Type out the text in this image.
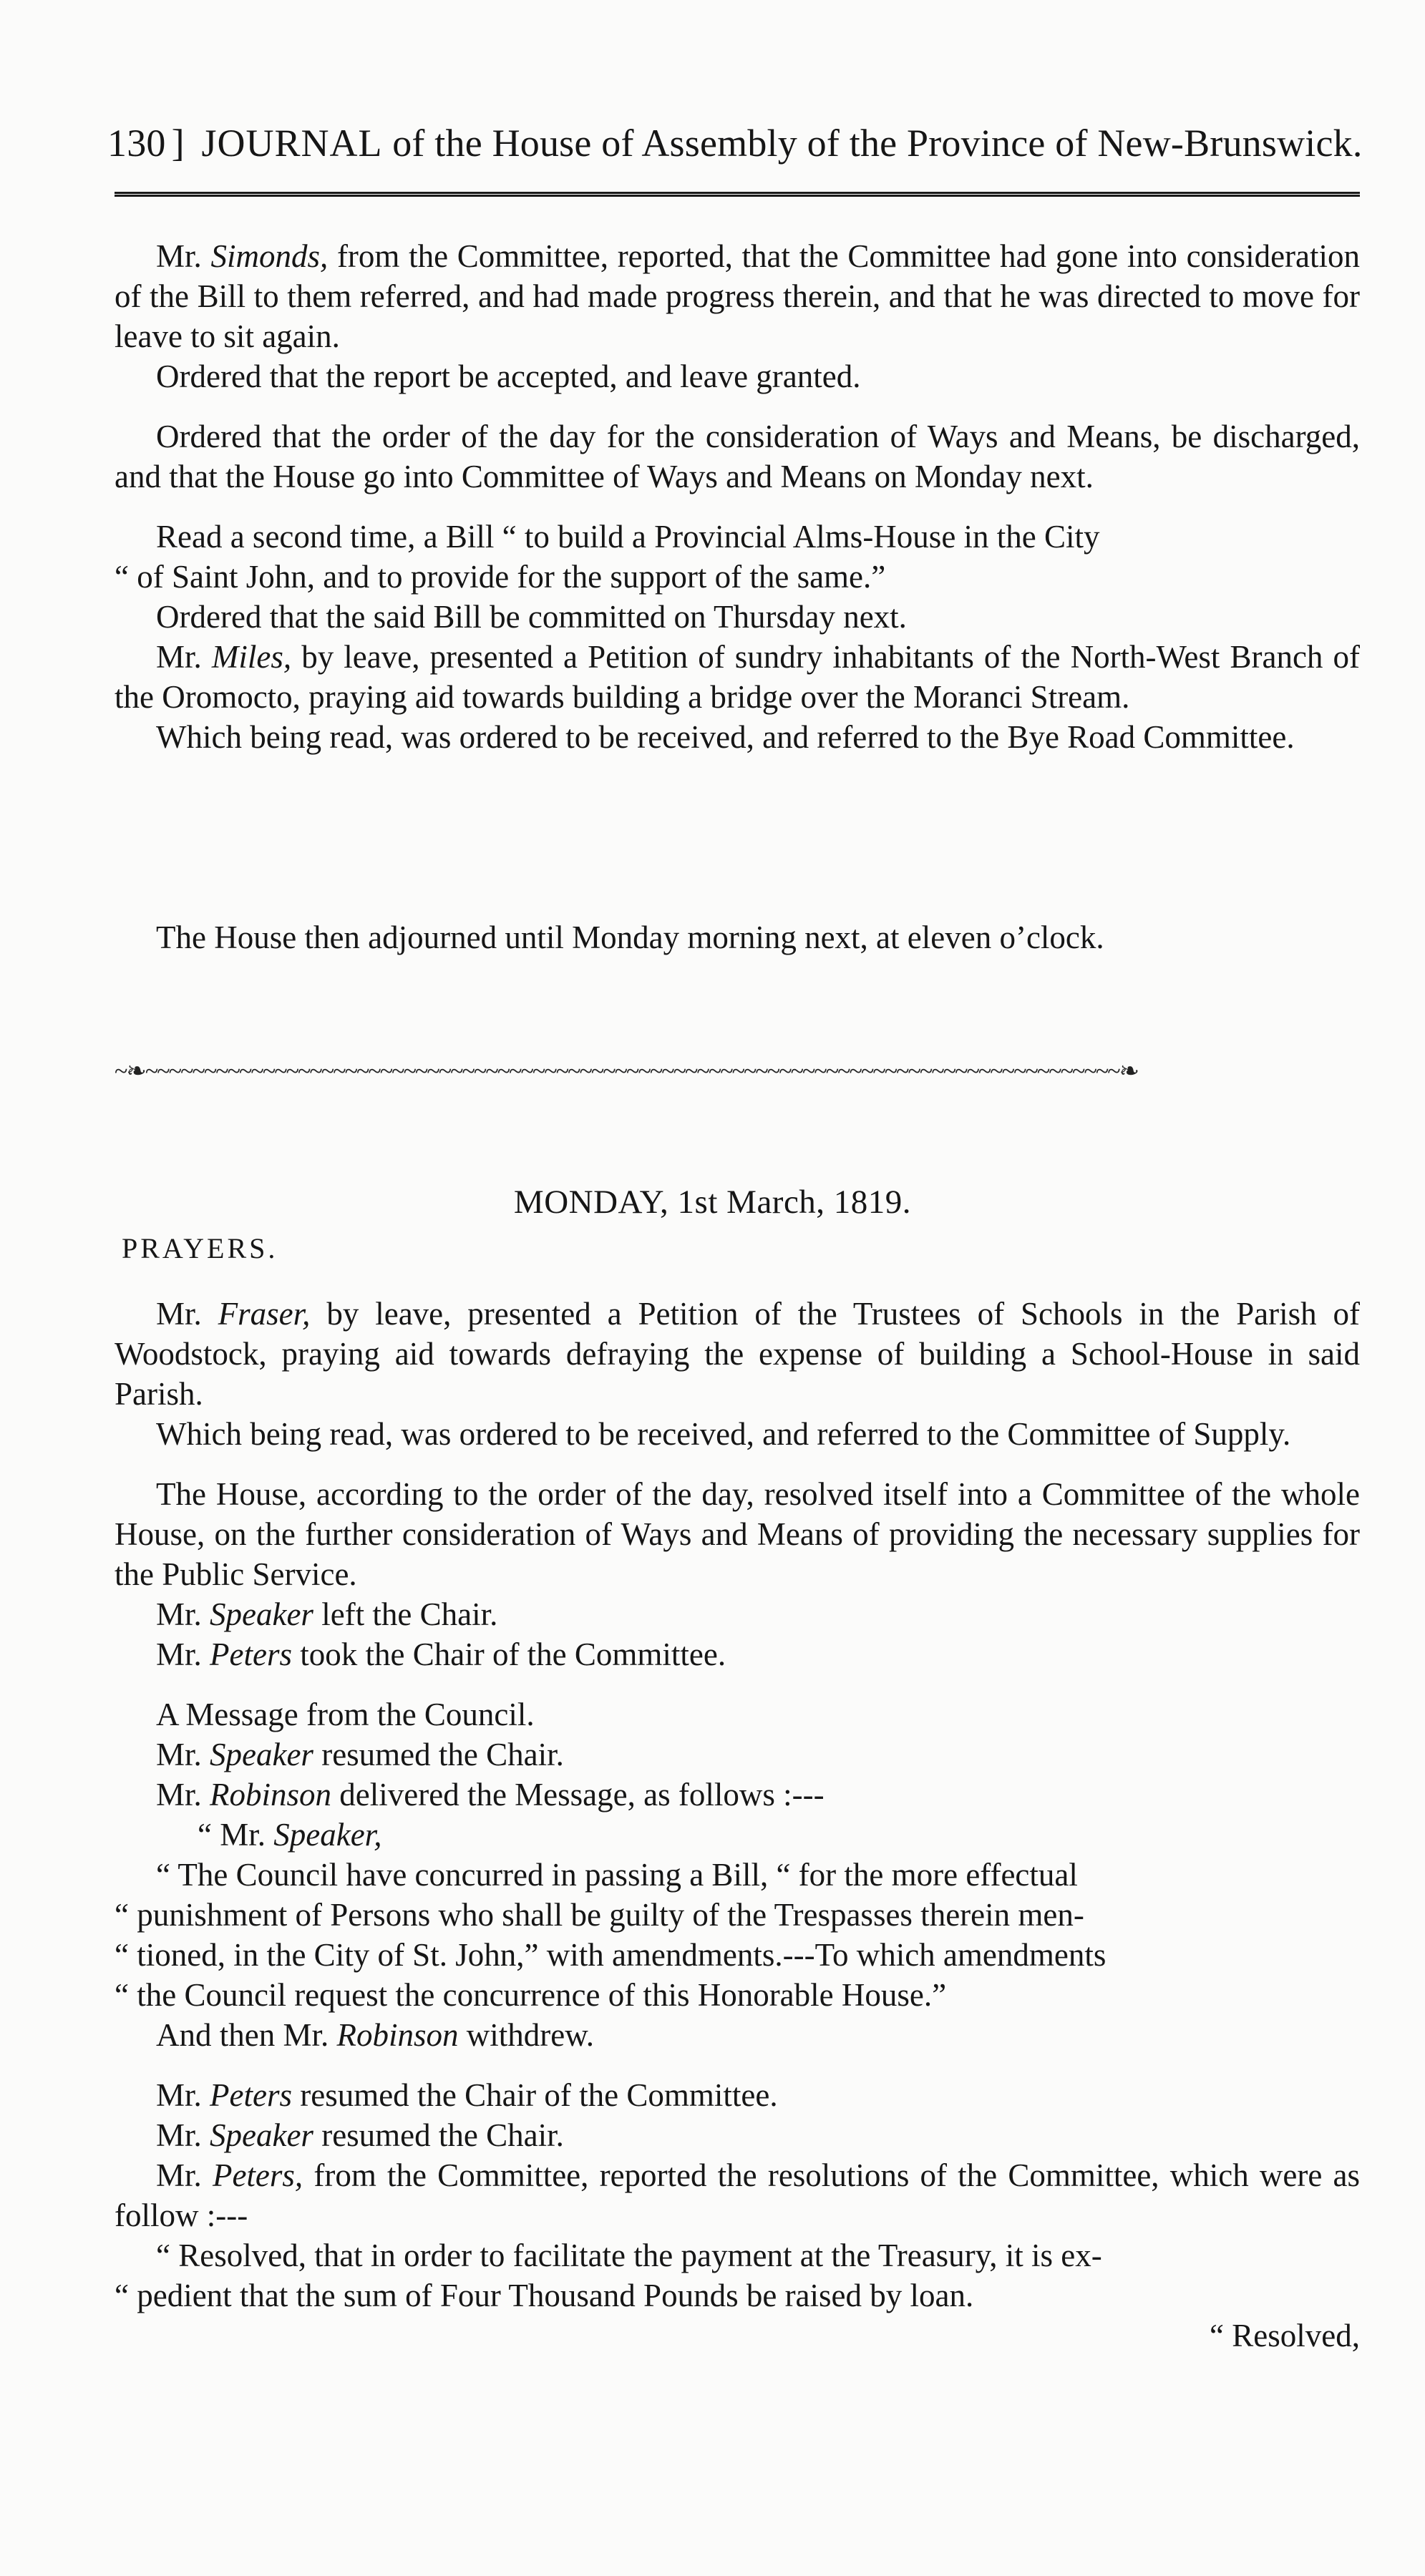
130 ] JOURNAL of the House of Assembly of the Province of New-Brunswick.

Mr. Simonds, from the Committee, reported, that the Committee had gone into consideration of the Bill to them referred, and had made progress therein, and that he was directed to move for leave to sit again.

Ordered that the report be accepted, and leave granted.

Ordered that the order of the day for the consideration of Ways and Means, be discharged, and that the House go into Committee of Ways and Means on Monday next.

Read a second time, a Bill “ to build a Provincial Alms-House in the City
“ of Saint John, and to provide for the support of the same.”

Ordered that the said Bill be committed on Thursday next.

Mr. Miles, by leave, presented a Petition of sundry inhabitants of the North-West Branch of the Oromocto, praying aid towards building a bridge over the Moranci Stream.

Which being read, was ordered to be received, and referred to the Bye Road Committee.

The House then adjourned until Monday morning next, at eleven o’clock.
~❧~~~~~~~~~~~~~~~~~~~~~~~~~~~~~~~~~~~~~~~~~~~~~~~~~~~~~~~~~~~~~~~~~~~~~~~~~~~~~~~~~~~❧
MONDAY, 1st March, 1819.
PRAYERS.

Mr. Fraser, by leave, presented a Petition of the Trustees of Schools in the Parish of Woodstock, praying aid towards defraying the expense of building a School-House in said Parish.

Which being read, was ordered to be received, and referred to the Committee of Supply.

The House, according to the order of the day, resolved itself into a Committee of the whole House, on the further consideration of Ways and Means of providing the necessary supplies for the Public Service.

Mr. Speaker left the Chair.

Mr. Peters took the Chair of the Committee.

A Message from the Council.

Mr. Speaker resumed the Chair.

Mr. Robinson delivered the Message, as follows :---

“ Mr. Speaker,

“ The Council have concurred in passing a Bill, “ for the more effectual
“ punishment of Persons who shall be guilty of the Trespasses therein men-
“ tioned, in the City of St. John,” with amendments.---To which amendments
“ the Council request the concurrence of this Honorable House.”

And then Mr. Robinson withdrew.

Mr. Peters resumed the Chair of the Committee.

Mr. Speaker resumed the Chair.

Mr. Peters, from the Committee, reported the resolutions of the Committee, which were as follow :---

“ Resolved, that in order to facilitate the payment at the Treasury, it is ex-
“ pedient that the sum of Four Thousand Pounds be raised by loan.

“ Resolved,
